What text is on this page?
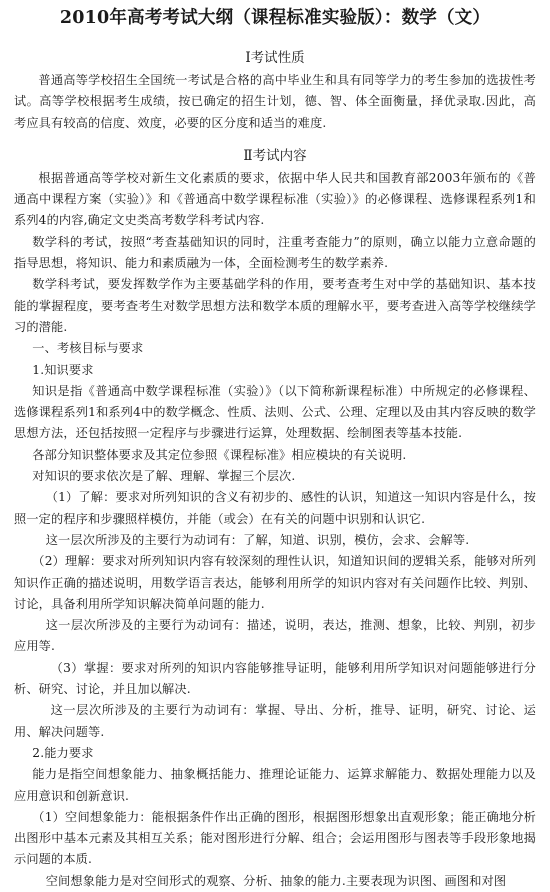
2010年高考考试大纲（课程标准实验版）：数学（文）
Ⅰ考试性质

普通高等学校招生全国统一考试是合格的高中毕业生和具有同等学力的考生参加的选拔性考试。高等学校根据考生成绩，按已确定的招生计划，德、智、体全面衡量，择优录取.因此，高考应具有较高的信度、效度，必要的区分度和适当的难度.

Ⅱ考试内容

根据普通高等学校对新生文化素质的要求，依据中华人民共和国教育部2003年颁布的《普通高中课程方案（实验）》和《普通高中数学课程标准（实验）》的必修课程、选修课程系列1和系列4的内容,确定文史类高考数学科考试内容.

数学科的考试，按照“考查基础知识的同时，注重考查能力”的原则，确立以能力立意命题的指导思想，将知识、能力和素质融为一体，全面检测考生的数学素养.

数学科考试，要发挥数学作为主要基础学科的作用，要考查考生对中学的基础知识、基本技能的掌握程度，要考查考生对数学思想方法和数学本质的理解水平，要考查进入高等学校继续学习的潜能.

一、考核目标与要求

1.知识要求

知识是指《普通高中数学课程标准（实验）》（以下简称新课程标准）中所规定的必修课程、选修课程系列1和系列4中的数学概念、性质、法则、公式、公理、定理以及由其内容反映的数学思想方法，还包括按照一定程序与步骤进行运算，处理数据、绘制图表等基本技能.

各部分知识整体要求及其定位参照《课程标准》相应模块的有关说明.

对知识的要求依次是了解、理解、掌握三个层次.

（1）了解：要求对所列知识的含义有初步的、感性的认识，知道这一知识内容是什么，按照一定的程序和步骤照样模仿，并能（或会）在有关的问题中识别和认识它.

这一层次所涉及的主要行为动词有：了解，知道、识别，模仿，会求、会解等.

（2）理解：要求对所列知识内容有较深刻的理性认识，知道知识间的逻辑关系，能够对所列知识作正确的描述说明，用数学语言表达，能够利用所学的知识内容对有关问题作比较、判别、讨论，具备利用所学知识解决简单问题的能力.

这一层次所涉及的主要行为动词有：描述，说明，表达，推测、想象，比较、判别，初步应用等.

（3）掌握：要求对所列的知识内容能够推导证明，能够利用所学知识对问题能够进行分析、研究、讨论，并且加以解决.

这一层次所涉及的主要行为动词有：掌握、导出、分析，推导、证明，研究、讨论、运用、解决问题等.

2.能力要求

能力是指空间想象能力、抽象概括能力、推理论证能力、运算求解能力、数据处理能力以及应用意识和创新意识.

（1）空间想象能力：能根据条件作出正确的图形，根据图形想象出直观形象；能正确地分析出图形中基本元素及其相互关系；能对图形进行分解、组合；会运用图形与图表等手段形象地揭示问题的本质.

空间想象能力是对空间形式的观察、分析、抽象的能力.主要表现为识图、画图和对图
